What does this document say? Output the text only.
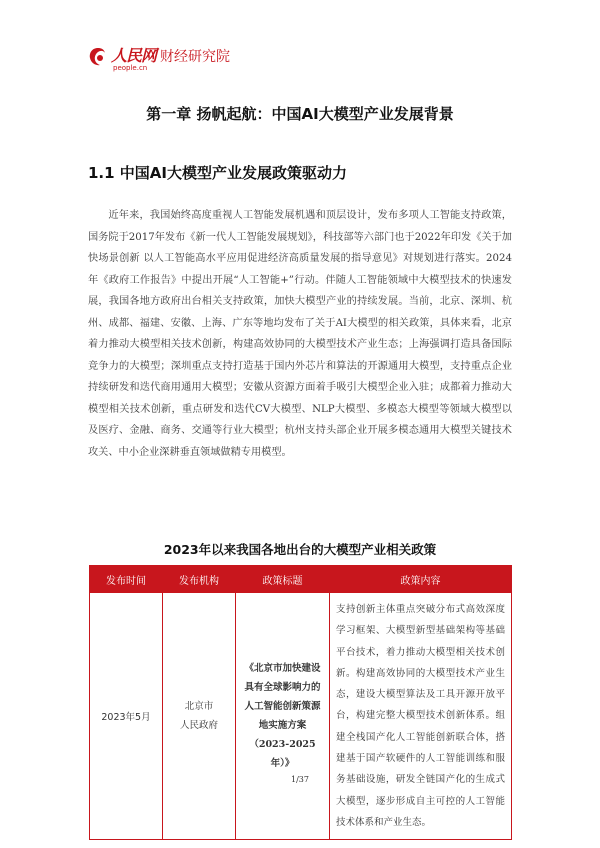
人民网 财经研究院
people.cn
第一章 扬帆起航：中国AI大模型产业发展背景
1.1 中国AI大模型产业发展政策驱动力

近年来，我国始终高度重视人工智能发展机遇和顶层设计，发布多项人工智能支持政策，国务院于2017年发布《新一代人工智能发展规划》，科技部等六部门也于2022年印发《关于加快场景创新 以人工智能高水平应用促进经济高质量发展的指导意见》对规划进行落实。2024年《政府工作报告》中提出开展“人工智能+”行动。伴随人工智能领域中大模型技术的快速发展，我国各地方政府出台相关支持政策，加快大模型产业的持续发展。当前，北京、深圳、杭州、成都、福建、安徽、上海、广东等地均发布了关于AI大模型的相关政策，具体来看，北京着力推动大模型相关技术创新，构建高效协同的大模型技术产业生态；上海强调打造具备国际竞争力的大模型；深圳重点支持打造基于国内外芯片和算法的开源通用大模型，支持重点企业持续研发和迭代商用通用大模型；安徽从资源方面着手吸引大模型企业入驻；成都着力推动大模型相关技术创新，重点研发和迭代CV大模型、NLP大模型、多模态大模型等领域大模型以及医疗、金融、商务、交通等行业大模型；杭州支持头部企业开展多模态通用大模型关键技术攻关、中小企业深耕垂直领域做精专用模型。

2023年以来我国各地出台的大模型产业相关政策
发布时间	发布机构	政策标题	政策内容
2023年5月	北京市
人民政府	《北京市加快建设具有全球影响力的人工智能创新策源地实施方案（2023-2025年）》	支持创新主体重点突破分布式高效深度学习框架、大模型新型基础架构等基础平台技术，着力推动大模型相关技术创新。构建高效协同的大模型技术产业生态，建设大模型算法及工具开源开放平台，构建完整大模型技术创新体系。组建全栈国产化人工智能创新联合体，搭建基于国产软硬件的人工智能训练和服务基础设施，研发全链国产化的生成式大模型，逐步形成自主可控的人工智能技术体系和产业生态。
1/37
